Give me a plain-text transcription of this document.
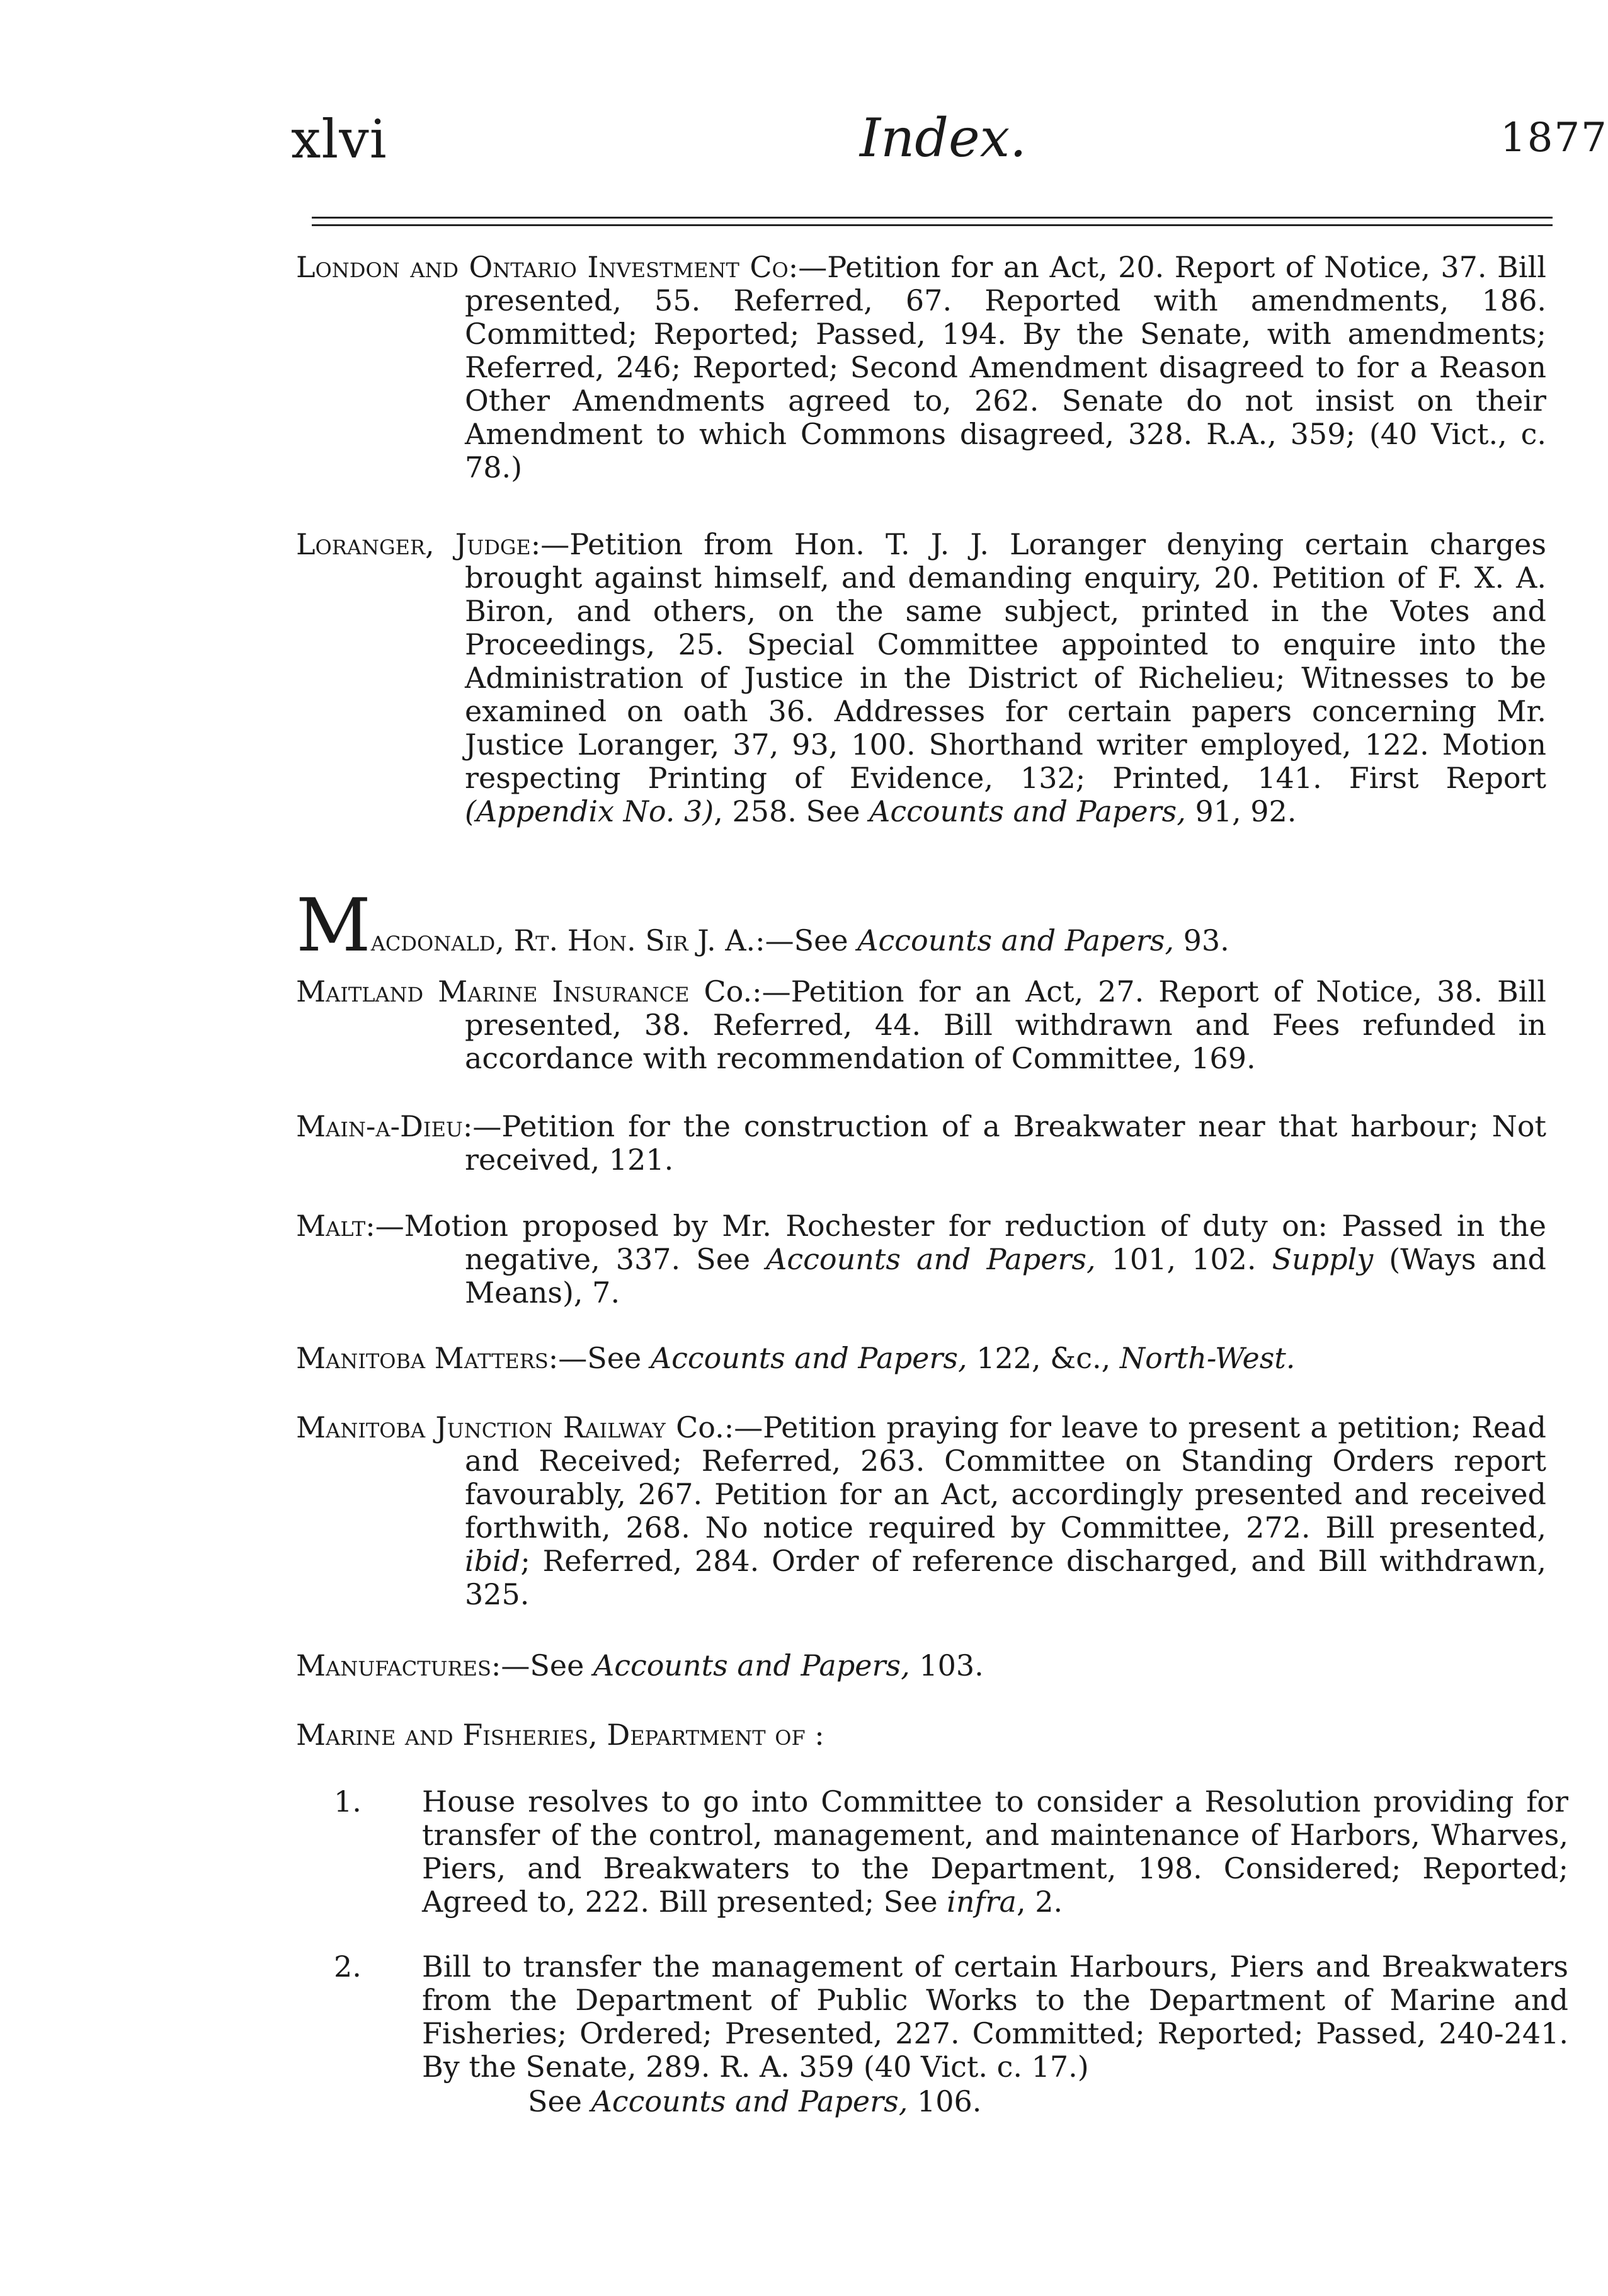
xlvi	Index.	1877

London and Ontario Investment Co:—Petition for an Act, 20. Report of Notice, 37. Bill presented, 55. Referred, 67. Reported with amendments, 186. Committed; Reported; Passed, 194. By the Senate, with amendments; Referred, 246; Reported; Second Amendment disagreed to for a Reason Other Amendments agreed to, 262. Senate do not insist on their Amendment to which Commons disagreed, 328. R.A., 359; (40 Vict., c. 78.)

Loranger, Judge:—Petition from Hon. T. J. J. Loranger denying certain charges brought against himself, and demanding enquiry, 20. Petition of F. X. A. Biron, and others, on the same subject, printed in the Votes and Proceedings, 25. Special Committee appointed to enquire into the Administration of Justice in the District of Richelieu; Witnesses to be examined on oath 36. Addresses for certain papers concerning Mr. Justice Loranger, 37, 93, 100. Shorthand writer employed, 122. Motion respecting Printing of Evidence, 132; Printed, 141. First Report (Appendix No. 3), 258. See Accounts and Papers, 91, 92.

Macdonald, Rt. Hon. Sir J. A.:—See Accounts and Papers, 93.

Maitland Marine Insurance Co.:—Petition for an Act, 27. Report of Notice, 38. Bill presented, 38. Referred, 44. Bill withdrawn and Fees refunded in accordance with recommendation of Committee, 169.

Main-a-Dieu:—Petition for the construction of a Breakwater near that harbour; Not received, 121.

Malt:—Motion proposed by Mr. Rochester for reduction of duty on: Passed in the negative, 337. See Accounts and Papers, 101, 102. Supply (Ways and Means), 7.

Manitoba Matters:—See Accounts and Papers, 122, &c., North-West.

Manitoba Junction Railway Co.:—Petition praying for leave to present a petition; Read and Received; Referred, 263. Committee on Standing Orders report favourably, 267. Petition for an Act, accordingly presented and received forthwith, 268. No notice required by Committee, 272. Bill presented, ibid; Referred, 284. Order of reference discharged, and Bill withdrawn, 325.

Manufactures:—See Accounts and Papers, 103.

Marine and Fisheries, Department of :

1. House resolves to go into Committee to consider a Resolution providing for transfer of the control, management, and maintenance of Harbors, Wharves, Piers, and Breakwaters to the Department, 198. Considered; Reported; Agreed to, 222. Bill presented; See infra, 2.

2. Bill to transfer the management of certain Harbours, Piers and Breakwaters from the Department of Public Works to the Department of Marine and Fisheries; Ordered; Presented, 227. Committed; Reported; Passed, 240-241. By the Senate, 289. R. A. 359 (40 Vict. c. 17.)

See Accounts and Papers, 106.
